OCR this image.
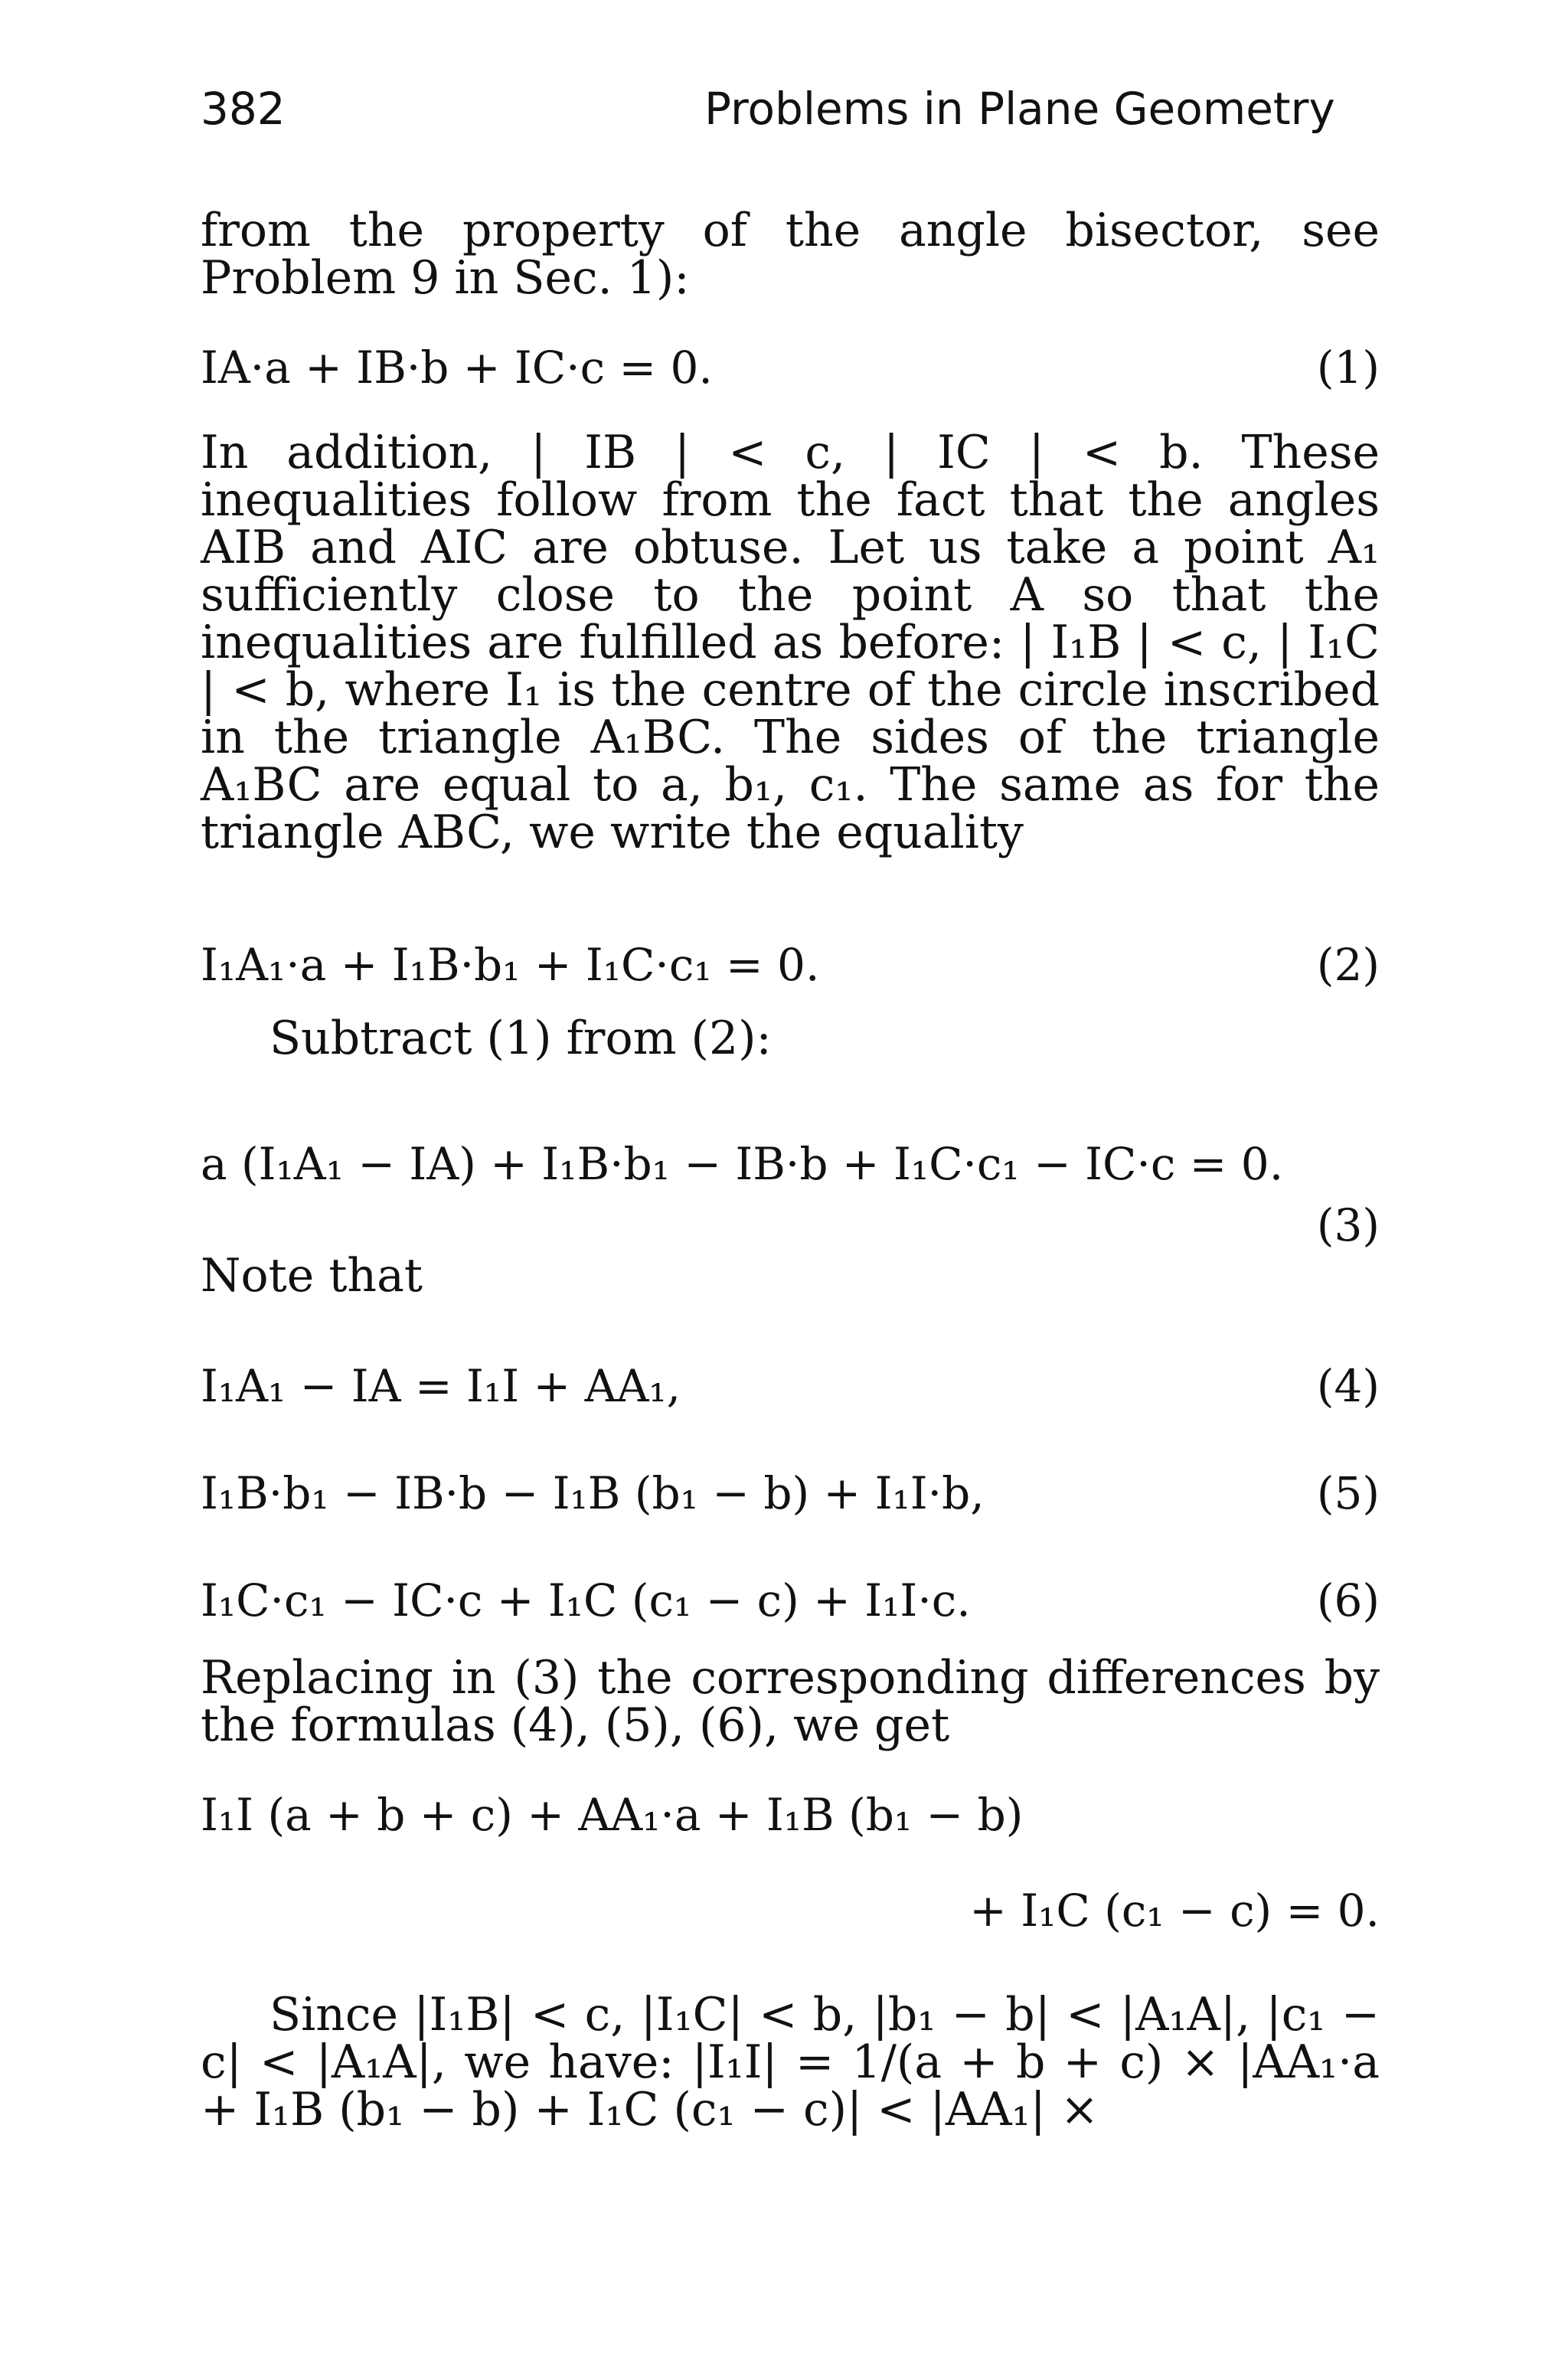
382	Problems in Plane Geometry
from the property of the angle bisector, see Problem 9 in Sec. 1):
IA·a + IB·b + IC·c = 0.	(1)
In addition, | IB | < c, | IC | < b. These inequalities follow from the fact that the angles AIB and AIC are obtuse. Let us take a point A₁ sufficiently close to the point A so that the inequalities are fulfilled as before: | I₁B | < c, | I₁C | < b, where I₁ is the centre of the circle inscribed in the triangle A₁BC. The sides of the triangle A₁BC are equal to a, b₁, c₁. The same as for the triangle ABC, we write the equality
I₁A₁·a + I₁B·b₁ + I₁C·c₁ = 0.	(2)
Subtract (1) from (2):
a (I₁A₁ − IA) + I₁B·b₁ − IB·b + I₁C·c₁ − IC·c = 0.
(3)
Note that
I₁A₁ − IA = I₁I + AA₁,	(4)
I₁B·b₁ − IB·b − I₁B (b₁ − b) + I₁I·b,	(5)
I₁C·c₁ − IC·c + I₁C (c₁ − c) + I₁I·c.	(6)
Replacing in (3) the corresponding differences by the formulas (4), (5), (6), we get
I₁I (a + b + c) + AA₁·a + I₁B (b₁ − b)
+ I₁C (c₁ − c) = 0.
Since |I₁B| < c, |I₁C| < b, |b₁ − b| < |A₁A|, |c₁ − c| < |A₁A|, we have: |I₁I| = 1/(a + b + c) × |AA₁·a + I₁B (b₁ − b) + I₁C (c₁ − c)| < |AA₁| ×
